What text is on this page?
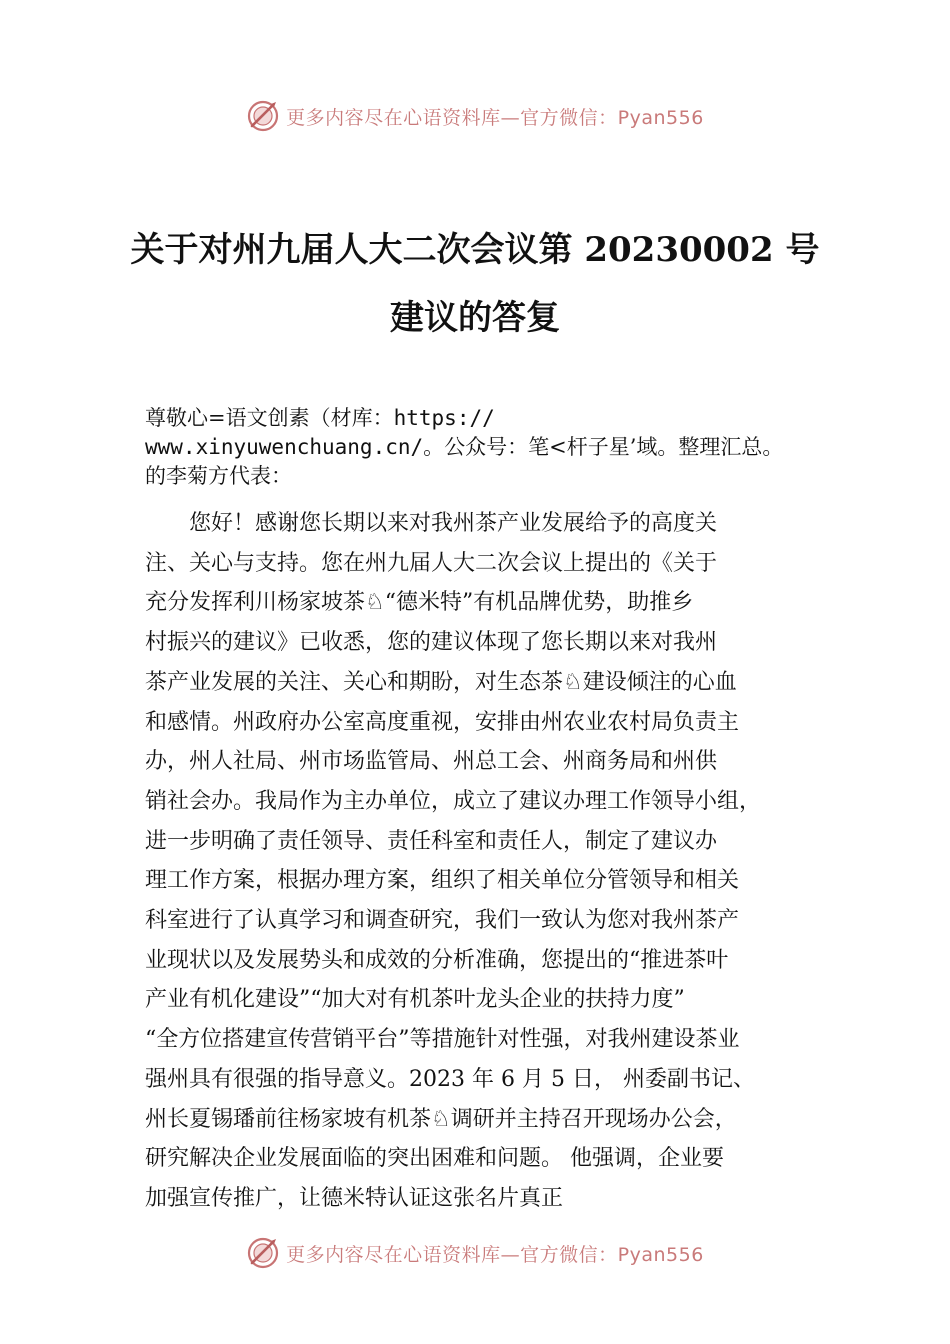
更多内容尽在心语资料库—官方微信：Pyan556
关于对州九届人大二次会议第 20230002 号
建议的答复
尊敬心=语文创素（材库：https://
www.xinyuwenchuang.cn/。公众号：笔<杆子星’域。整理汇总。
的李菊方代表：
　　您好！感谢您长期以来对我州茶产业发展给予的高度关
注、关心与支持。您在州九届人大二次会议上提出的《关于
充分发挥利川杨家坡茶♘“德米特”有机品牌优势，助推乡
村振兴的建议》已收悉，您的建议体现了您长期以来对我州
茶产业发展的关注、关心和期盼，对生态茶♘建设倾注的心血
和感情。州政府办公室高度重视，安排由州农业农村局负责主
办，州人社局、州市场监管局、州总工会、州商务局和州供
销社会办。我局作为主办单位，成立了建议办理工作领导小组，
进一步明确了责任领导、责任科室和责任人，制定了建议办
理工作方案，根据办理方案，组织了相关单位分管领导和相关
科室进行了认真学习和调查研究，我们一致认为您对我州茶产
业现状以及发展势头和成效的分析准确，您提出的“推进茶叶
产业有机化建设”“加大对有机茶叶龙头企业的扶持力度”
“全方位搭建宣传营销平台”等措施针对性强，对我州建设茶业
强州具有很强的指导意义。2023 年 6 月 5 日， 州委副书记、
州长夏锡璠前往杨家坡有机茶♘调研并主持召开现场办公会，
研究解决企业发展面临的突出困难和问题。 他强调，企业要
加强宣传推广，让德米特认证这张名片真正
更多内容尽在心语资料库—官方微信：Pyan556
